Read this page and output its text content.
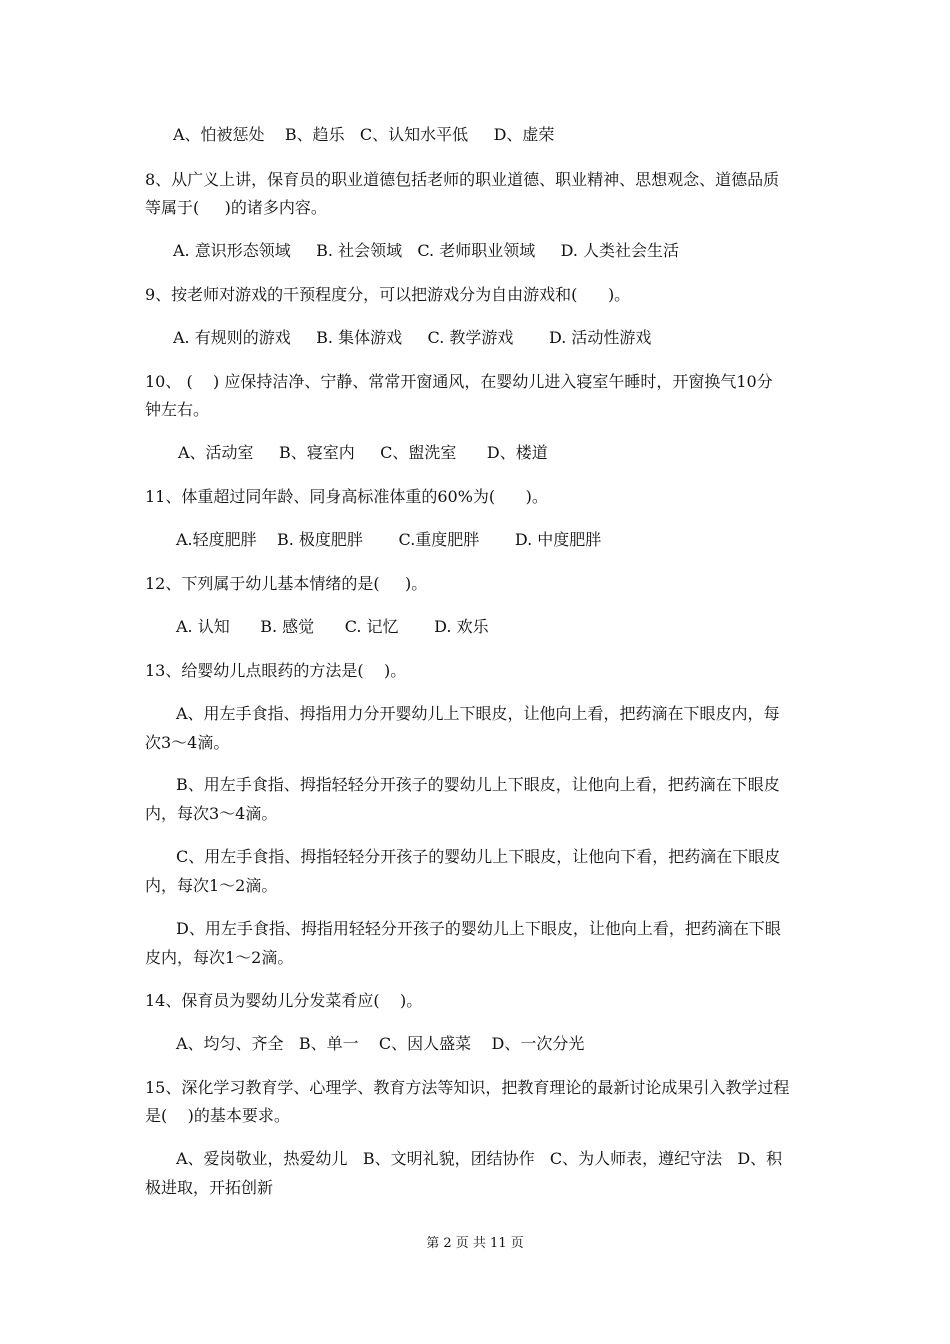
A、怕被惩处    B、趋乐   C、认知水平低     D、虚荣
8、从广义上讲，保育员的职业道德包括老师的职业道德、职业精神、思想观念、道德品质
等属于(     )的诸多内容。
A. 意识形态领域     B. 社会领域   C. 老师职业领域     D. 人类社会生活
9、按老师对游戏的干预程度分，可以把游戏分为自由游戏和(      )。
A. 有规则的游戏     B. 集体游戏     C. 教学游戏       D. 活动性游戏
10、 (    ) 应保持洁净、宁静、常常开窗通风，在婴幼儿进入寝室午睡时，开窗换气10分
钟左右。
A、活动室     B、寝室内     C、盥洗室      D、楼道
11、体重超过同年龄、同身高标准体重的60%为(      )。
A.轻度肥胖    B. 极度肥胖       C.重度肥胖       D. 中度肥胖
12、下列属于幼儿基本情绪的是(     )。
A. 认知      B. 感觉      C. 记忆       D. 欢乐
13、给婴幼儿点眼药的方法是(    )。
A、用左手食指、拇指用力分开婴幼儿上下眼皮，让他向上看，把药滴在下眼皮内，每
次3～4滴。
B、用左手食指、拇指轻轻分开孩子的婴幼儿上下眼皮，让他向上看，把药滴在下眼皮
内，每次3～4滴。
C、用左手食指、拇指轻轻分开孩子的婴幼儿上下眼皮，让他向下看，把药滴在下眼皮
内，每次1～2滴。
D、用左手食指、拇指用轻轻分开孩子的婴幼儿上下眼皮，让他向上看，把药滴在下眼
皮内，每次1～2滴。
14、保育员为婴幼儿分发菜肴应(    )。
A、均匀、齐全   B、单一    C、因人盛菜    D、一次分光
15、深化学习教育学、心理学、教育方法等知识，把教育理论的最新讨论成果引入教学过程
是(    )的基本要求。
A、爱岗敬业，热爱幼儿   B、文明礼貌，团结协作   C、为人师表，遵纪守法   D、积
极进取，开拓创新
第 2 页 共 11 页
